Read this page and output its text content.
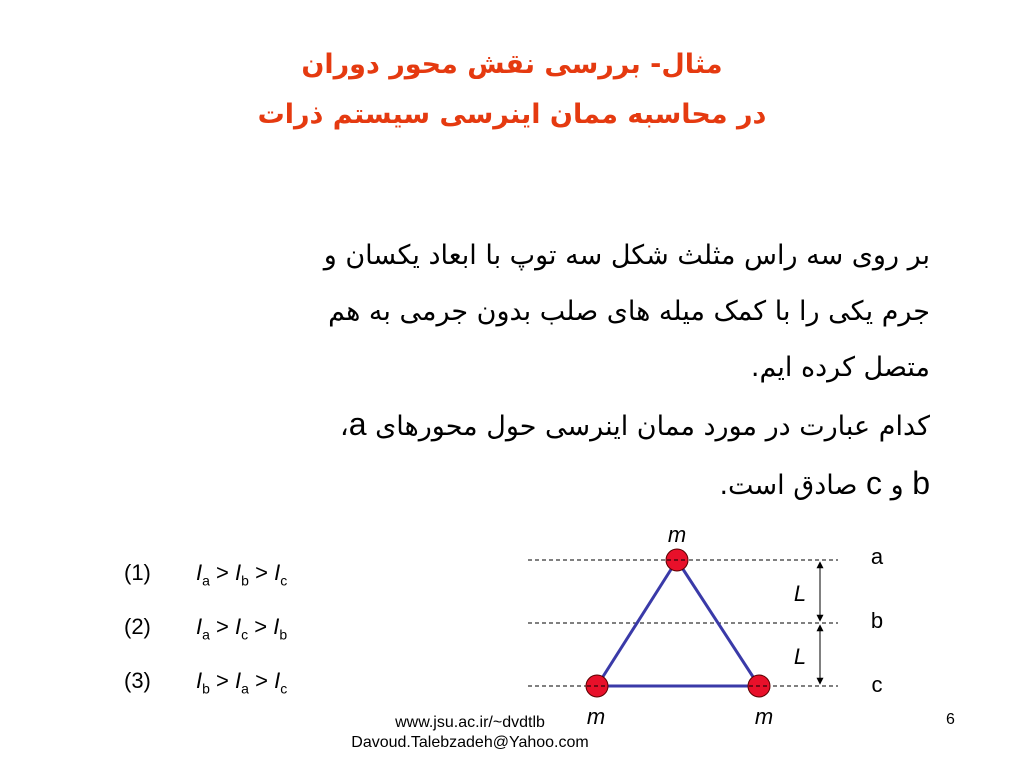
مثال- بررسی نقش محور دوران
در محاسبه ممان اینرسی سیستم ذرات
بر روی سه راس مثلث شکل سه توپ با ابعاد یکسان و
جرم یکی را با کمک میله های صلب بدون جرمی به هم
متصل کرده ایم.
کدام عبارت در مورد ممان اینرسی حول محورهای a،
b و c صادق است.
(1)	$I_a > I_b > I_c$
(2)	$I_a > I_c > I_b$
(3)	$I_b > I_a > I_c$
m
m	m
L
L
a
b
c
www.jsu.ac.ir/~dvdtlb
Davoud.Talebzadeh@Yahoo.com
6
